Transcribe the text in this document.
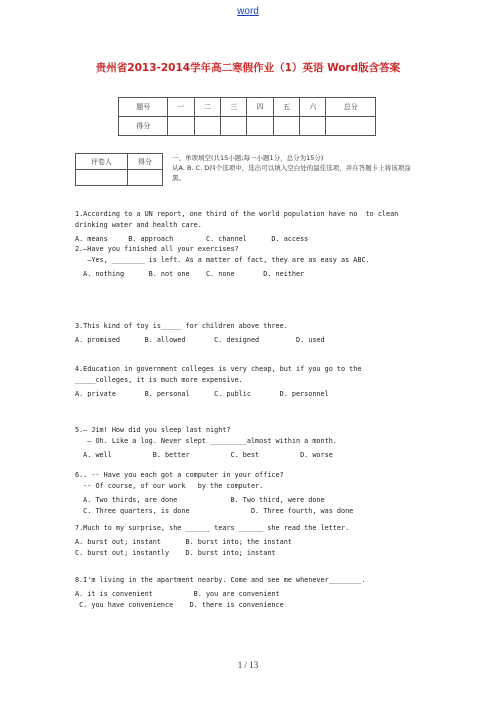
word
贵州省2013-2014学年高二寒假作业（1）英语 Word版含答案
题号	一	二	三	四	五	六	总分
得分							
评卷人	得分
		一、单项填空(共15小题;每一小题1分，总分为15分)
从A. B. C. D四个选项中，选出可以填入空白处的最佳选项，并在答题卡上将该项涂黑。
1.According to a UN report, one third of the world population have no  to clean
drinking water and health care.
A. means     B. approach        C. channel      D. access
2.—Have you finished all your exercises?
—Yes, ________ is left. As a matter of fact, they are as easy as ABC.
A. nothing      B. not one    C. none       D. neither
3.This kind of toy is_____ for children above three.
A. promised      B. allowed       C. designed         D. used
4.Education in government colleges is very cheap, but if you go to the
_____colleges, it is much more expensive.
A. private       B. personal      C. public       D. personnel
5.— Jim! How did you sleep last night?
— Oh. Like a log. Never slept _________almost within a month.
A. well          B. better          C. best          D. worse
6.. -- Have you each got a computer in your office?
-- Of course, of our work   by the computer.
A. Two thirds, are done             B. Two third, were done
C. Three quarters, is done               D. Three fourth, was done
7.Much to my surprise, she ______ tears ______ she read the letter.
A. burst out; instant      B. burst into; the instant
C. burst out; instantly    D. burst into; instant
8.I'm living in the apartment nearby. Come and see me whenever________.
A. it is convenient          B. you are convenient
C. you have convenience    D. there is convenience
1 / 13
